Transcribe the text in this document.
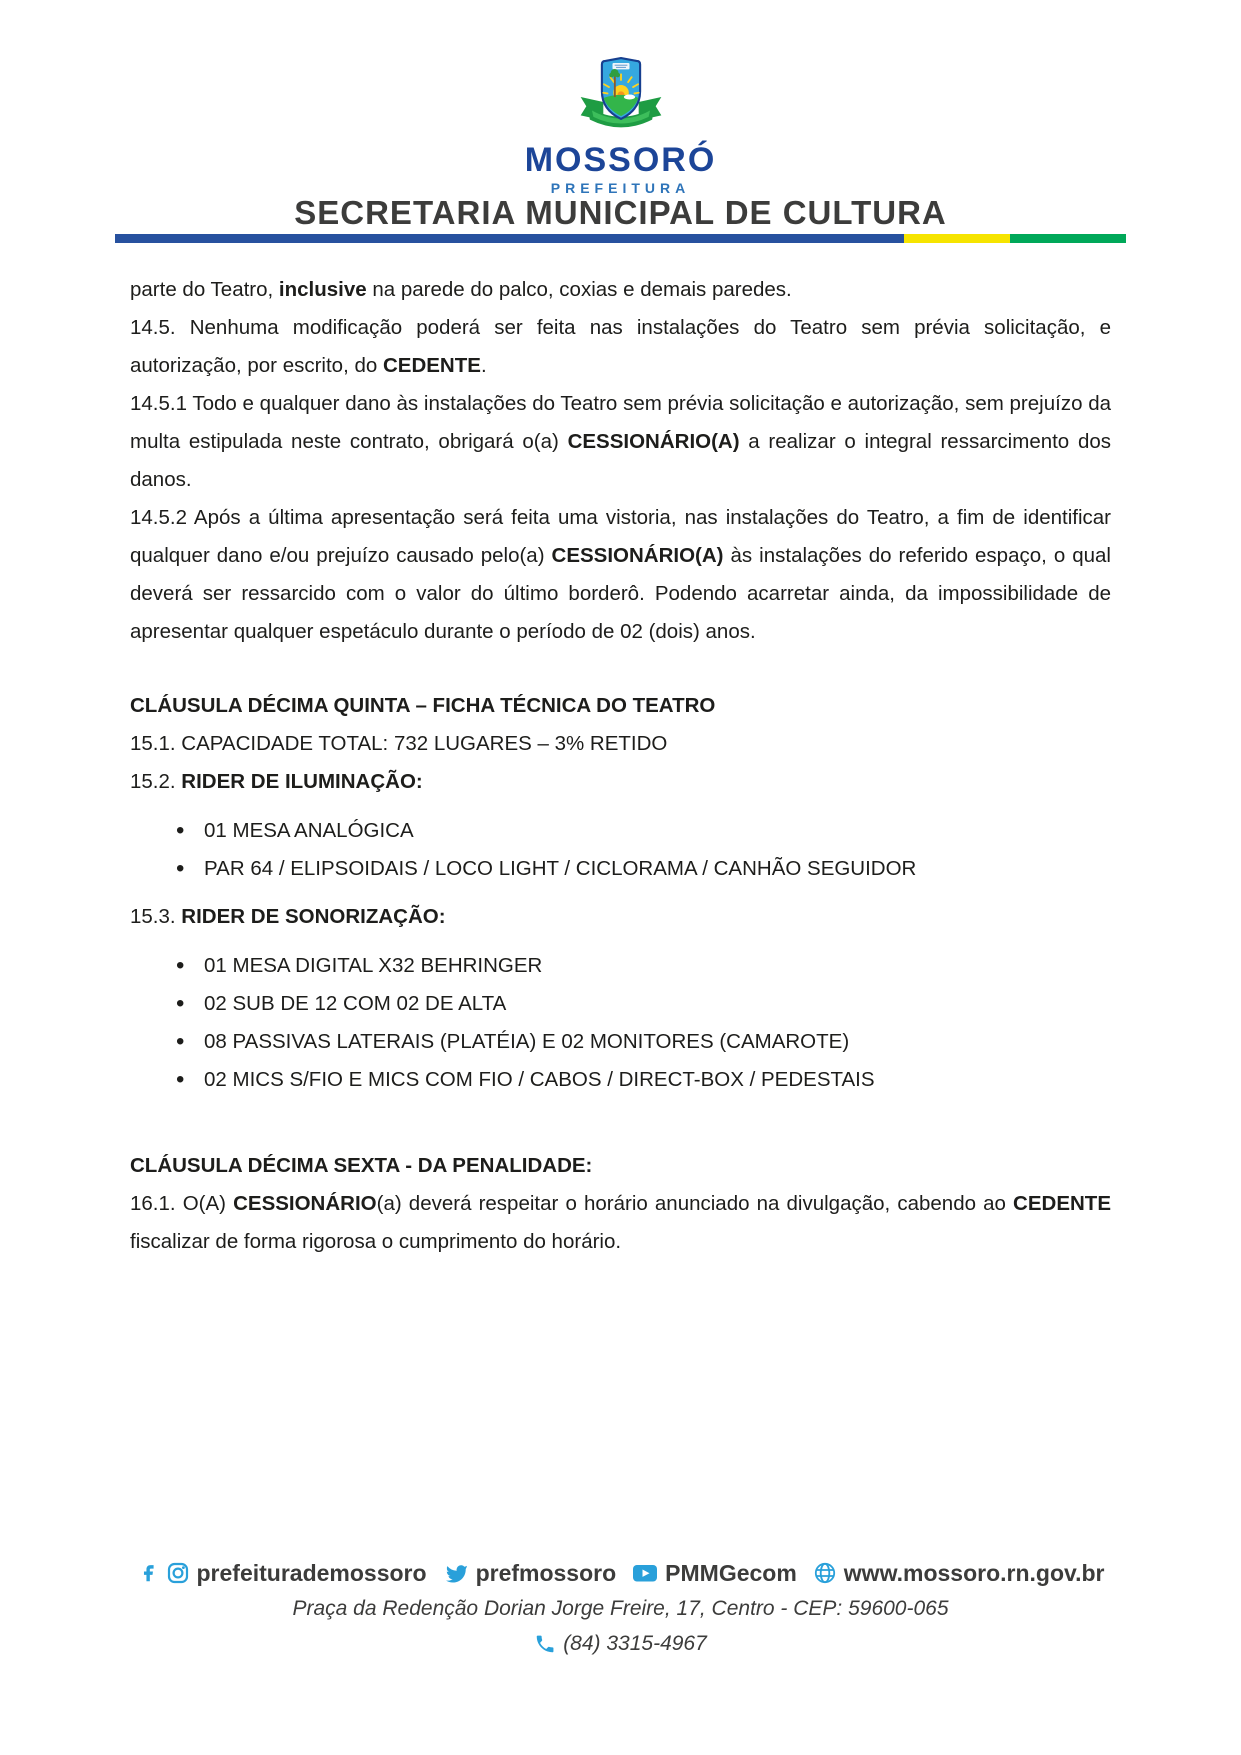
MOSSORÓ
PREFEITURA
SECRETARIA MUNICIPAL DE CULTURA
parte do Teatro, inclusive na parede do palco, coxias e demais paredes.
14.5. Nenhuma modificação poderá ser feita nas instalações do Teatro sem prévia solicitação, e autorização, por escrito, do CEDENTE.
14.5.1 Todo e qualquer dano às instalações do Teatro sem prévia solicitação e autorização, sem prejuízo da multa estipulada neste contrato, obrigará o(a) CESSIONÁRIO(A) a realizar o integral ressarcimento dos danos.
14.5.2 Após a última apresentação será feita uma vistoria, nas instalações do Teatro, a fim de identificar qualquer dano e/ou prejuízo causado pelo(a) CESSIONÁRIO(A) às instalações do referido espaço, o qual deverá ser ressarcido com o valor do último borderô. Podendo acarretar ainda, da impossibilidade de apresentar qualquer espetáculo durante o período de 02 (dois) anos.
CLÁUSULA DÉCIMA QUINTA – FICHA TÉCNICA DO TEATRO
15.1. CAPACIDADE TOTAL: 732 LUGARES – 3% RETIDO
15.2. RIDER DE ILUMINAÇÃO:
• 01 MESA ANALÓGICA
• PAR 64 / ELIPSOIDAIS / LOCO LIGHT / CICLORAMA / CANHÃO SEGUIDOR
15.3. RIDER DE SONORIZAÇÃO:
• 01 MESA DIGITAL X32 BEHRINGER
• 02 SUB DE 12 COM 02 DE ALTA
• 08 PASSIVAS LATERAIS (PLATÉIA) E 02 MONITORES (CAMAROTE)
• 02 MICS S/FIO E MICS COM FIO / CABOS / DIRECT-BOX / PEDESTAIS
CLÁUSULA DÉCIMA SEXTA - DA PENALIDADE:
16.1. O(A) CESSIONÁRIO(a) deverá respeitar o horário anunciado na divulgação, cabendo ao CEDENTE fiscalizar de forma rigorosa o cumprimento do horário.
prefeiturademossoro prefmossoro PMMGecom www.mossoro.rn.gov.br
Praça da Redenção Dorian Jorge Freire, 17, Centro - CEP: 59600-065
(84) 3315-4967
